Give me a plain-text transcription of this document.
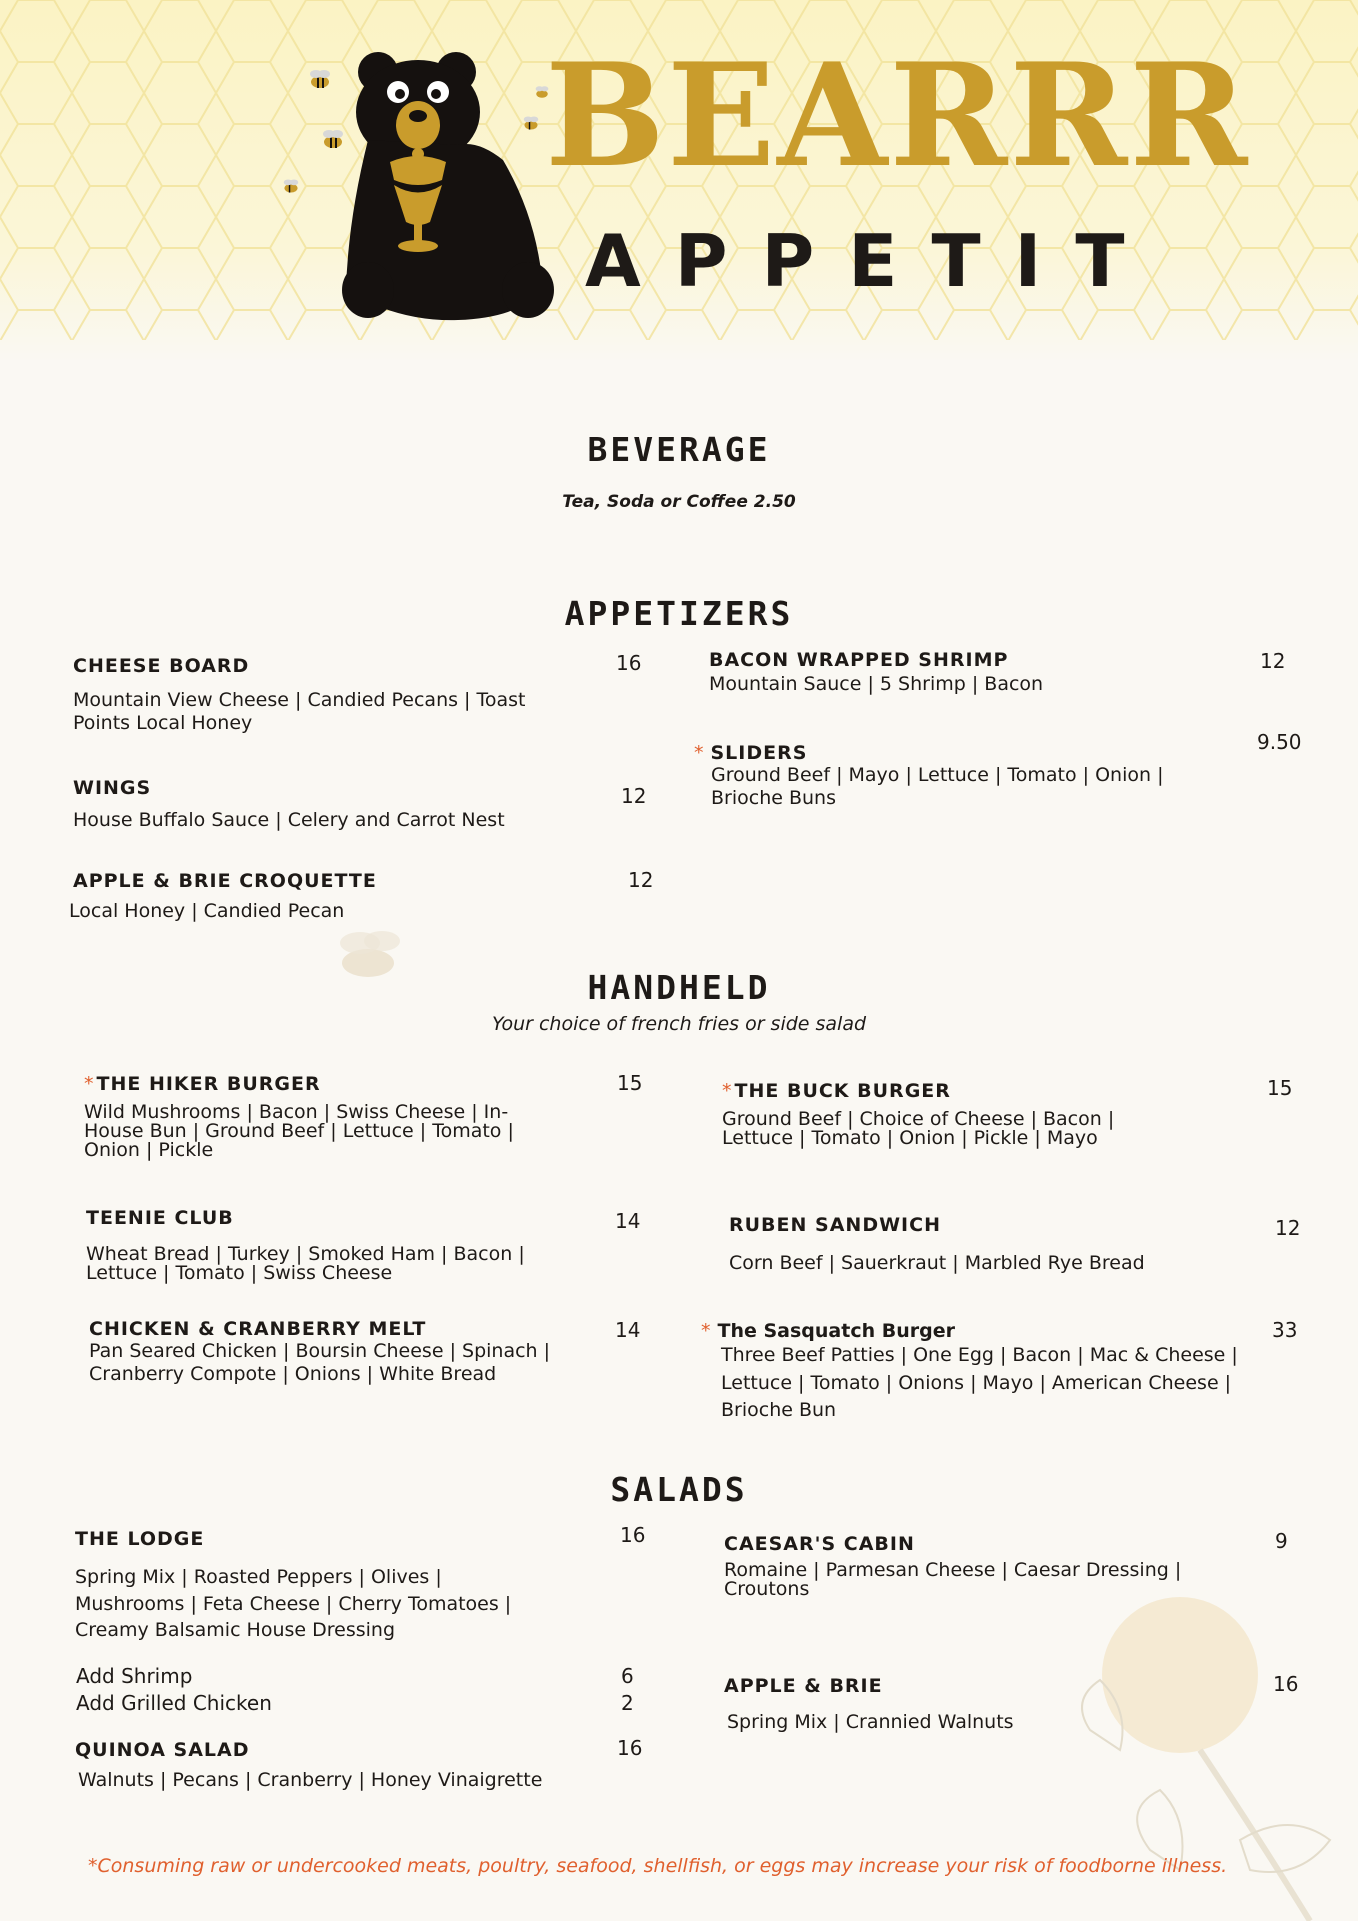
BEARRR
APPETIT
BEVERAGE

Tea, Soda or Coffee 2.50

APPETIZERS

CHEESE BOARD

Mountain View Cheese | Candied Pecans | Toast Points Local Honey

16

WINGS

House Buffalo Sauce | Celery and Carrot Nest

12

APPLE & BRIE CROQUETTE

Local Honey | Candied Pecan

12

BACON WRAPPED SHRIMP

Mountain Sauce | 5 Shrimp | Bacon

12

* SLIDERS

Ground Beef | Mayo | Lettuce | Tomato | Onion | Brioche Buns

9.50

HANDHELD

Your choice of french fries or side salad

* THE HIKER BURGER

Wild Mushrooms | Bacon | Swiss Cheese | In-House Bun | Ground Beef | Lettuce | Tomato | Onion | Pickle

15

TEENIE CLUB

Wheat Bread | Turkey | Smoked Ham | Bacon | Lettuce | Tomato | Swiss Cheese

14

CHICKEN & CRANBERRY MELT

Pan Seared Chicken | Boursin Cheese | Spinach | Cranberry Compote | Onions | White Bread

14

* THE BUCK BURGER

Ground Beef | Choice of Cheese | Bacon | Lettuce | Tomato | Onion | Pickle | Mayo

15

RUBEN SANDWICH

Corn Beef | Sauerkraut | Marbled Rye Bread

12

* The Sasquatch Burger

Three Beef Patties | One Egg | Bacon | Mac & Cheese | Lettuce | Tomato | Onions | Mayo | American Cheese | Brioche Bun

33

SALADS

THE LODGE

Spring Mix | Roasted Peppers | Olives | Mushrooms | Feta Cheese | Cherry Tomatoes | Creamy Balsamic House Dressing

16

Add Shrimp	6

Add Grilled Chicken	2

QUINOA SALAD

Walnuts | Pecans | Cranberry | Honey Vinaigrette

16

CAESAR'S CABIN

Romaine | Parmesan Cheese | Caesar Dressing | Croutons

9

APPLE & BRIE

Spring Mix | Crannied Walnuts

16

*Consuming raw or undercooked meats, poultry, seafood, shellfish, or eggs may increase your risk of foodborne illness.
